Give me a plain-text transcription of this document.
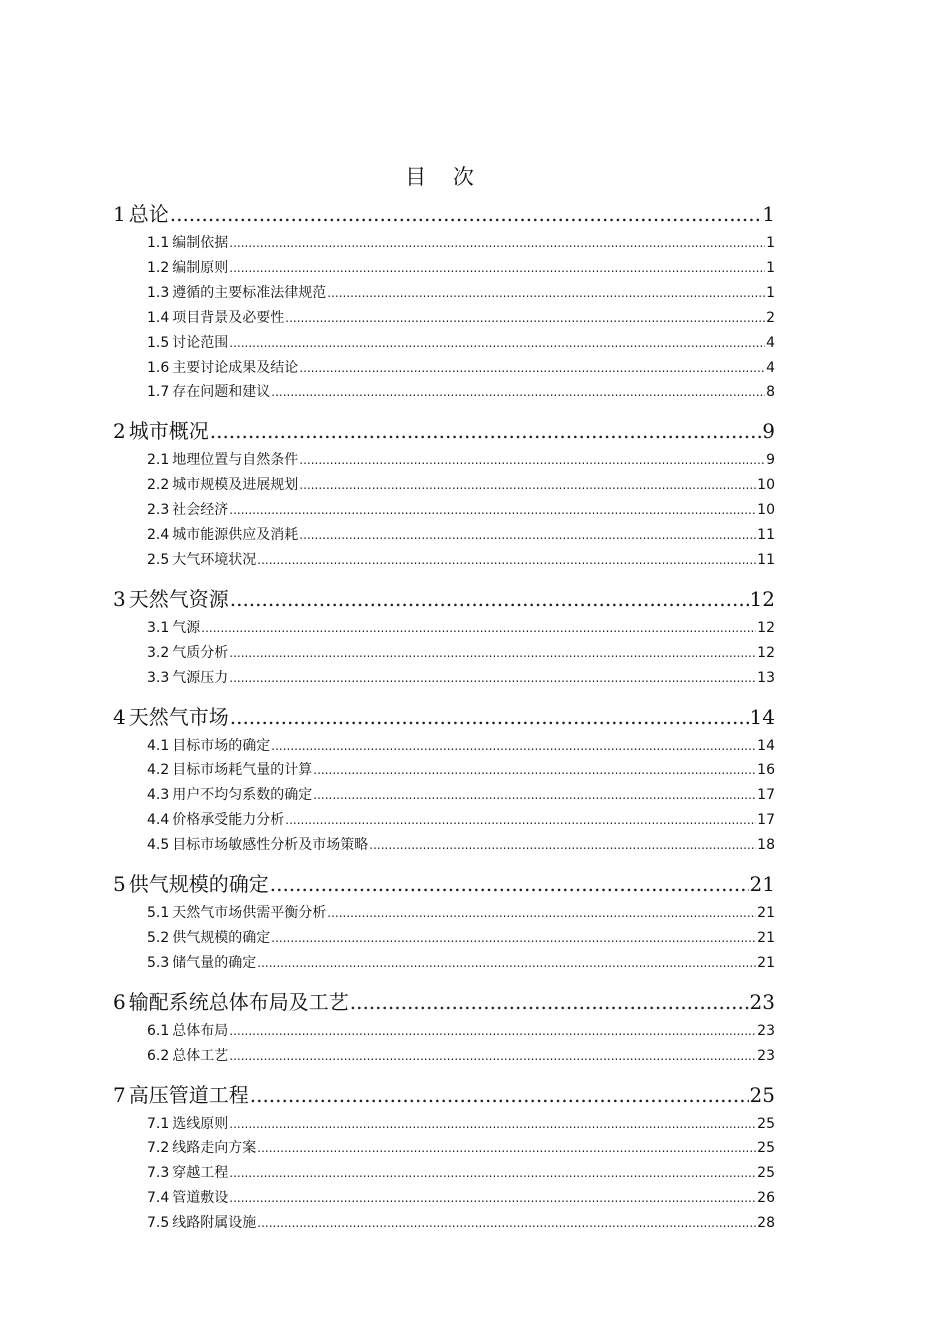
目 次
1 总论 .....	1
1.1 编制依据 .....	1
1.2 编制原则 .....	1
1.3 遵循的主要标准法律规范 .....	1
1.4 项目背景及必要性 .....	2
1.5 讨论范围 .....	4
1.6 主要讨论成果及结论 .....	4
1.7 存在问题和建议 .....	8
2 城市概况 .....	9
2.1 地理位置与自然条件 .....	9
2.2 城市规模及进展规划 .....	10
2.3 社会经济 .....	10
2.4 城市能源供应及消耗 .....	11
2.5 大气环境状况 .....	11
3 天然气资源 .....	12
3.1 气源 .....	12
3.2 气质分析 .....	12
3.3 气源压力 .....	13
4 天然气市场 .....	14
4.1 目标市场的确定 .....	14
4.2 目标市场耗气量的计算 .....	16
4.3 用户不均匀系数的确定 .....	17
4.4 价格承受能力分析 .....	17
4.5 目标市场敏感性分析及市场策略 .....	18
5 供气规模的确定 .....	21
5.1 天然气市场供需平衡分析 .....	21
5.2 供气规模的确定 .....	21
5.3 储气量的确定 .....	21
6 输配系统总体布局及工艺 .....	23
6.1 总体布局 .....	23
6.2 总体工艺 .....	23
7 高压管道工程 .....	25
7.1 选线原则 .....	25
7.2 线路走向方案 .....	25
7.3 穿越工程 .....	25
7.4 管道敷设 .....	26
7.5 线路附属设施 .....	28
